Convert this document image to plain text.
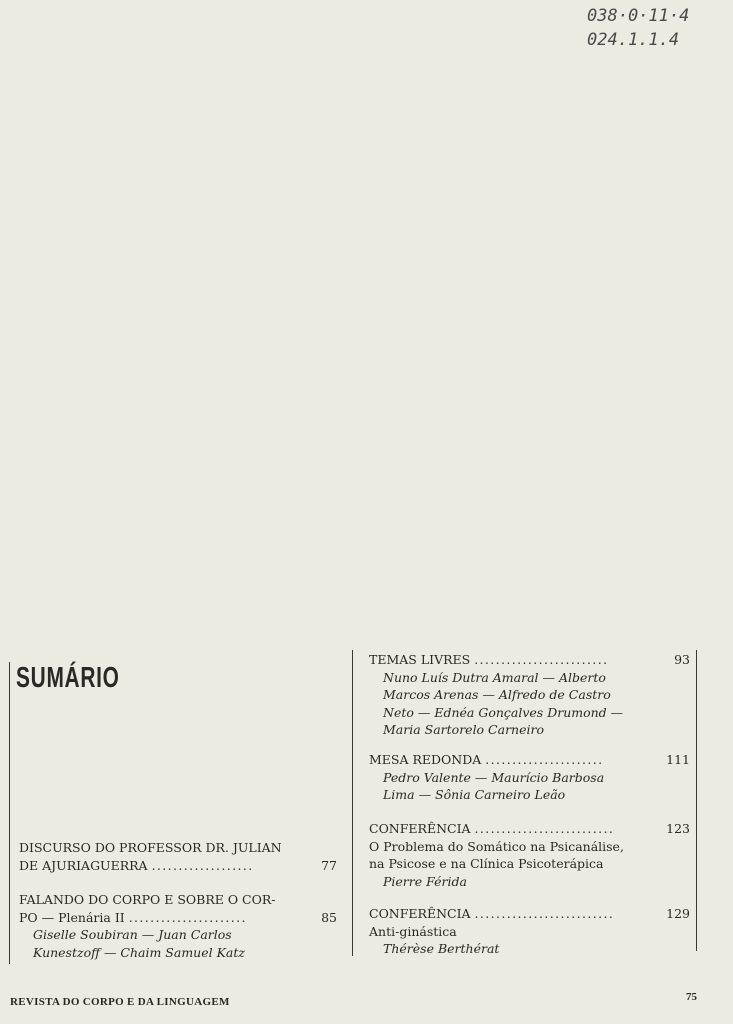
038·0·11·4
024.1.1.4
SUMÁRIO
DISCURSO DO PROFESSOR DR. JULIAN
DE AJURIAGUERRA ...................	77
FALANDO DO CORPO E SOBRE O COR-
PO — Plenária II ......................	85
Giselle Soubiran — Juan Carlos
Kunestzoff — Chaim Samuel Katz
TEMAS LIVRES .........................	93
Nuno Luís Dutra Amaral — Alberto
Marcos Arenas — Alfredo de Castro
Neto — Ednéa Gonçalves Drumond —
Maria Sartorelo Carneiro
MESA REDONDA ......................	111
Pedro Valente — Maurício Barbosa
Lima — Sônia Carneiro Leão
CONFERÊNCIA ..........................	123
O Problema do Somático na Psicanálise,
na Psicose e na Clínica Psicoterápica
Pierre Férida
CONFERÊNCIA ..........................	129
Anti-ginástica
Thérèse Berthérat
REVISTA DO CORPO E DA LINGUAGEM	75
